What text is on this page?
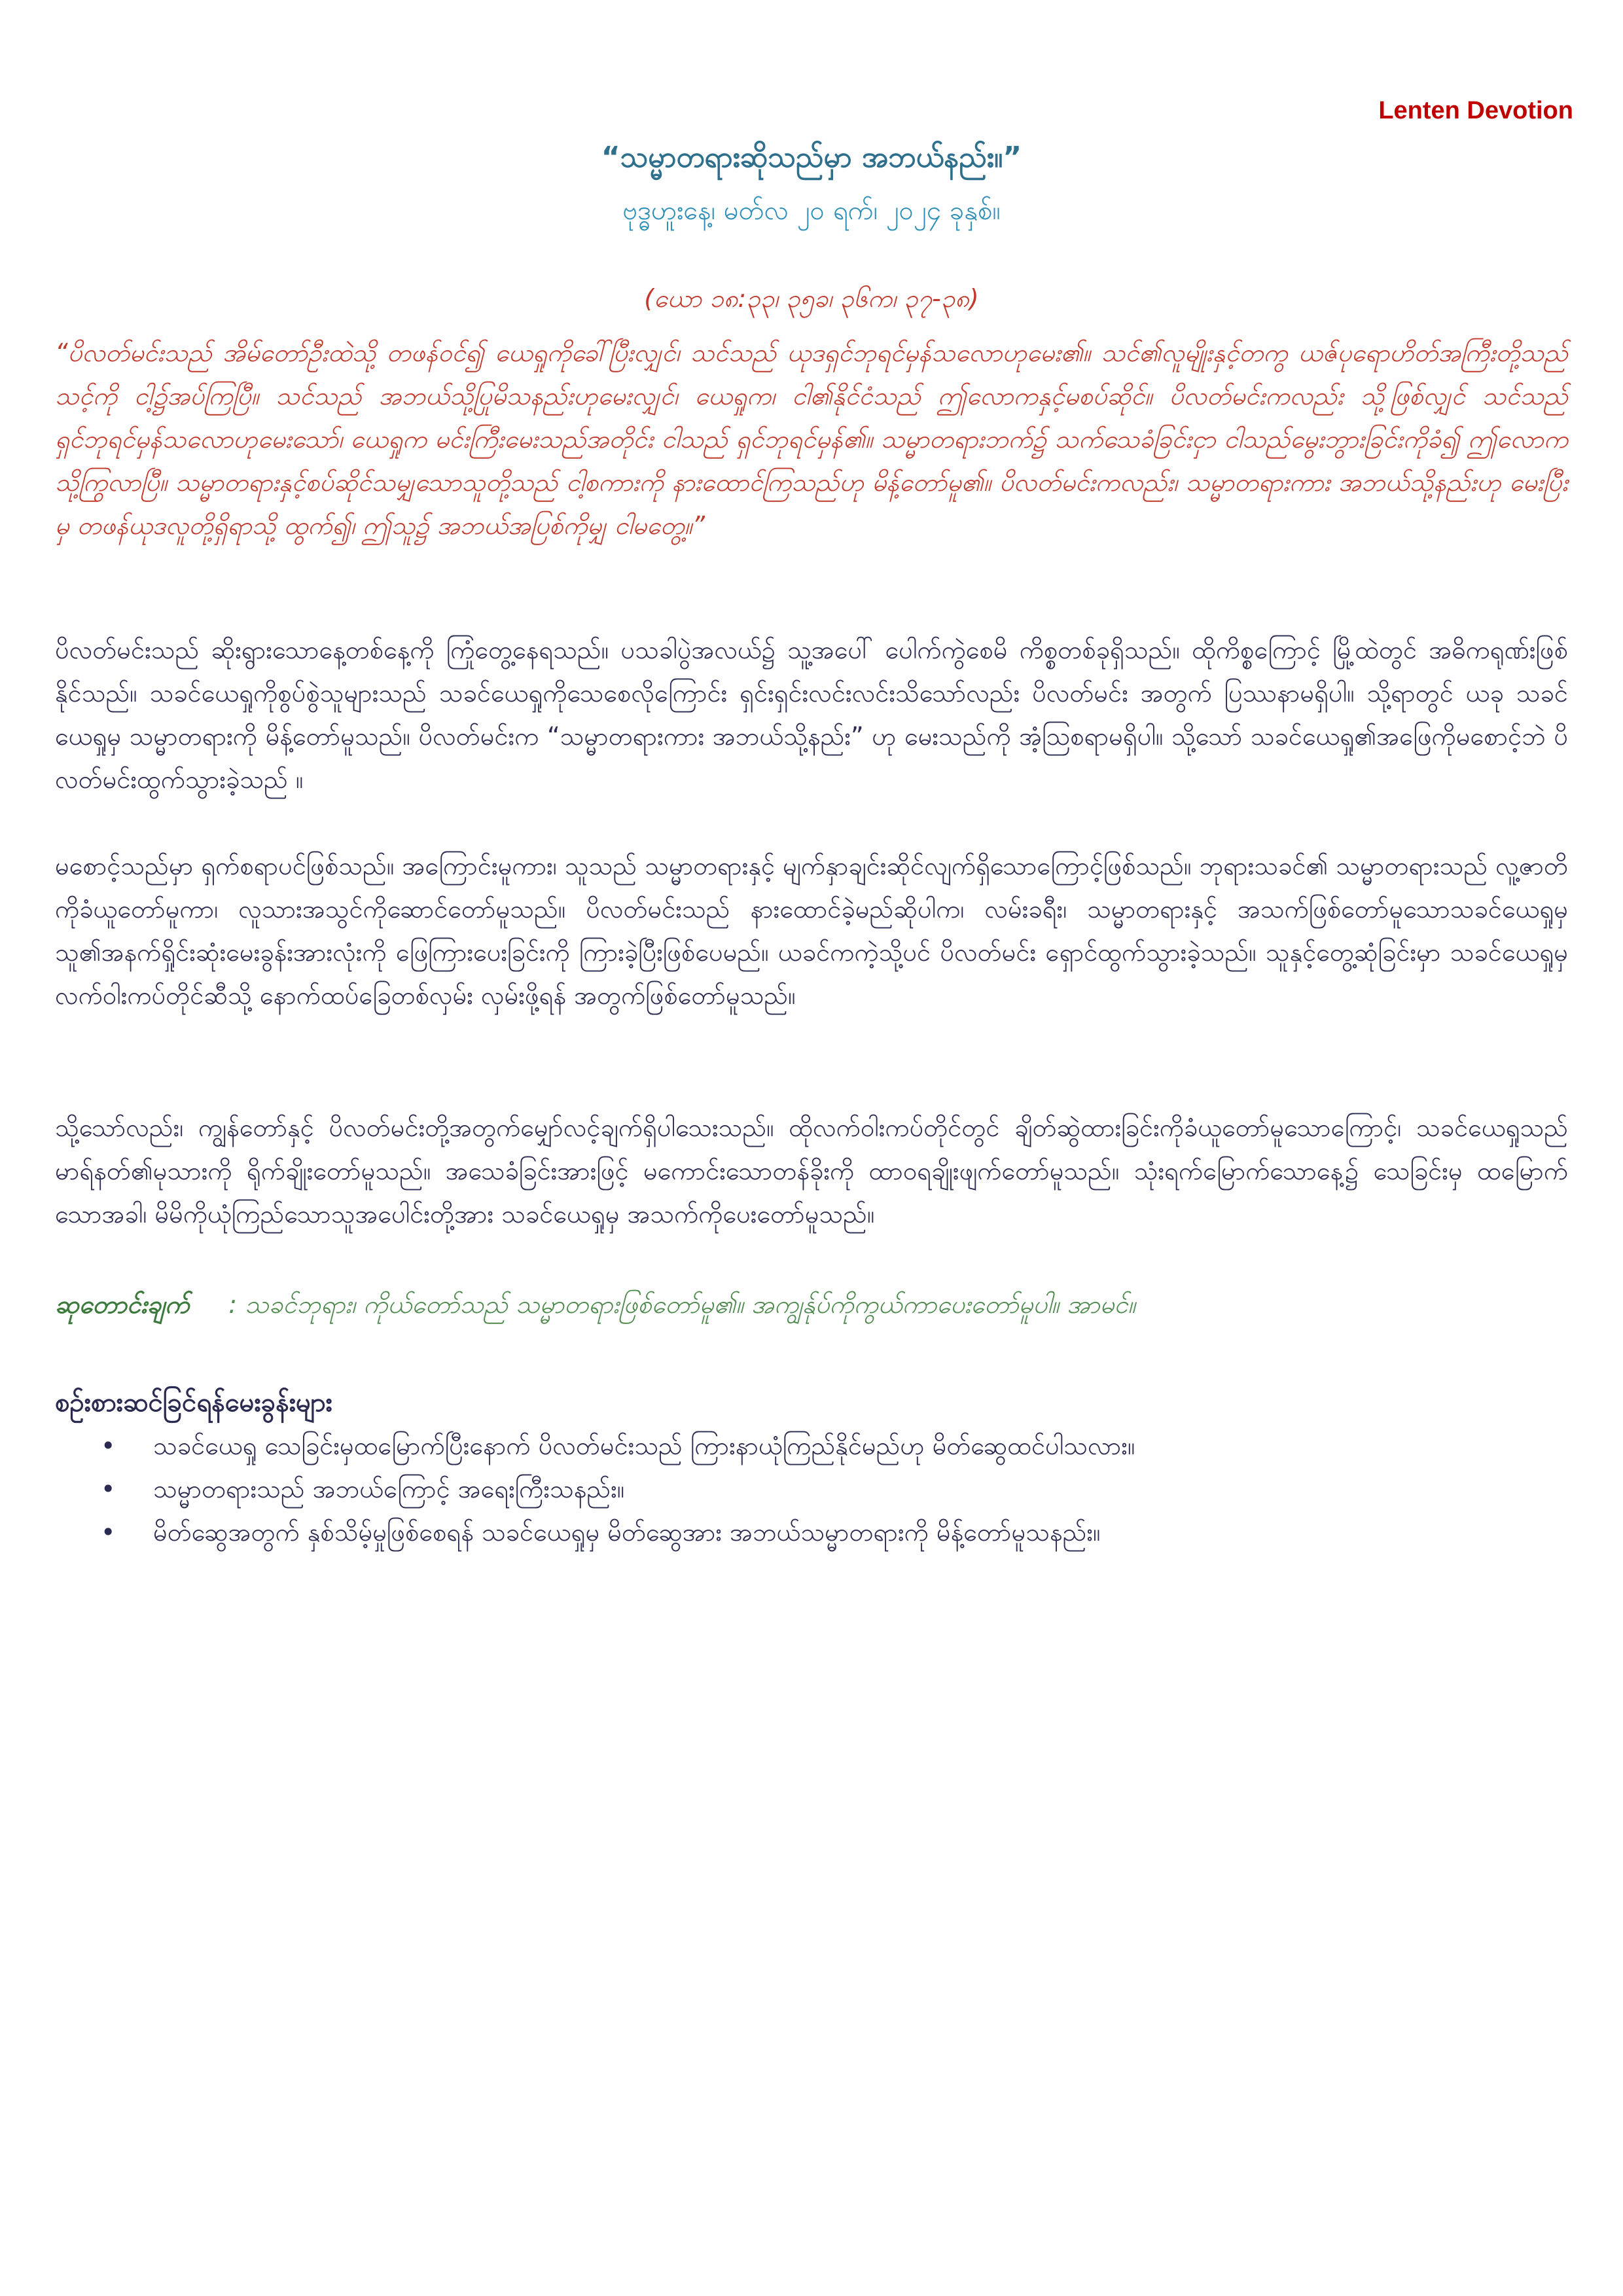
Lenten Devotion
“သမ္မာတရားဆိုသည်မှာ အဘယ်နည်း။”
ဗုဒ္ဓဟူးနေ့၊ မတ်လ ၂၀ ရက်၊ ၂၀၂၄ ခုနှစ်။
(ယော ၁၈:၃၃၊ ၃၅ခ၊ ၃၆က၊ ၃၇-၃၈)
“ပိလတ်မင်းသည် အိမ်တော်ဦးထဲသို့ တဖန်ဝင်၍ ယေရှုကိုခေါ်ပြီးလျှင်၊ သင်သည် ယုဒရှင်ဘုရင်မှန်သလောဟုမေး၏။ သင်၏လူမျိုးနှင့်တကွ ယဇ်ပုရောဟိတ်အကြီးတို့သည် သင့်ကို ငါ့၌အပ်ကြပြီ။ သင်သည် အဘယ်သို့ပြုမိသနည်းဟုမေးလျှင်၊ ယေရှုက၊ ငါ၏နိုင်ငံသည် ဤလောကနှင့်မစပ်ဆိုင်။ ပိလတ်မင်းကလည်း သို့ဖြစ်လျှင် သင်သည် ရှင်ဘုရင်မှန်သလောဟုမေးသော်၊ ယေရှုက မင်းကြီးမေးသည်အတိုင်း ငါသည် ရှင်ဘုရင်မှန်၏။ သမ္မာတရားဘက်၌ သက်သေခံခြင်းငှာ ငါသည်မွေးဘွားခြင်းကိုခံ၍ ဤလောကသို့ကြွလာပြီ။ သမ္မာတရားနှင့်စပ်ဆိုင်သမျှသောသူတို့သည် ငါ့စကားကို နားထောင်ကြသည်ဟု မိန့်တော်မူ၏။ ပိလတ်မင်းကလည်း၊ သမ္မာတရားကား အဘယ်သို့နည်းဟု မေးပြီးမှ တဖန်ယုဒလူတို့ရှိရာသို့ ထွက်၍၊ ဤသူ၌ အဘယ်အပြစ်ကိုမျှ ငါမတွေ့။”
ပိလတ်မင်းသည် ဆိုးရွားသောနေ့တစ်နေ့ကို ကြုံတွေ့နေရသည်။ ပသခါပွဲအလယ်၌ သူ့အပေါ် ပေါက်ကွဲစေမိ ကိစ္စတစ်ခုရှိသည်။ ထိုကိစ္စကြောင့် မြို့ထဲတွင် အဓိကရုဏ်းဖြစ်နိုင်သည်။ သခင်ယေရှုကိုစွပ်စွဲသူများသည် သခင်ယေရှုကိုသေစေလိုကြောင်း ရှင်းရှင်းလင်းလင်းသိသော်လည်း ပိလတ်မင်း အတွက် ပြဿနာမရှိပါ။ သို့ရာတွင် ယခု သခင်ယေရှုမှ သမ္မာတရားကို မိန့်တော်မူသည်။ ပိလတ်မင်းက “သမ္မာတရားကား အဘယ်သို့နည်း” ဟု မေးသည်ကို အံ့သြစရာမရှိပါ။ သို့သော် သခင်ယေရှု၏အဖြေကိုမစောင့်ဘဲ ပိလတ်မင်းထွက်သွားခဲ့သည် ။
မစောင့်သည်မှာ ရှက်စရာပင်ဖြစ်သည်။ အကြောင်းမူကား၊ သူသည် သမ္မာတရားနှင့် မျက်နှာချင်းဆိုင်လျက်ရှိသောကြောင့်ဖြစ်သည်။ ဘုရားသခင်၏ သမ္မာတရားသည် လူ့ဇာတိကိုခံယူတော်မူကာ၊ လူသားအသွင်ကိုဆောင်တော်မူသည်။ ပိလတ်မင်းသည် နားထောင်ခဲ့မည်ဆိုပါက၊ လမ်းခရီး၊ သမ္မာတရားနှင့် အသက်ဖြစ်တော်မူသောသခင်ယေရှုမှ သူ၏အနက်ရှိုင်းဆုံးမေးခွန်းအားလုံးကို ဖြေကြားပေးခြင်းကို ကြားခဲ့ပြီးဖြစ်ပေမည်။ ယခင်ကကဲ့သို့ပင် ပိလတ်မင်း ရှောင်ထွက်သွားခဲ့သည်။ သူနှင့်တွေ့ဆုံခြင်းမှာ သခင်ယေရှုမှ လက်ဝါးကပ်တိုင်ဆီသို့ နောက်ထပ်ခြေတစ်လှမ်း လှမ်းဖို့ရန် အတွက်ဖြစ်တော်မူသည်။
သို့သော်လည်း၊ ကျွန်တော်နှင့် ပိလတ်မင်းတို့အတွက်မျှော်လင့်ချက်ရှိပါသေးသည်။ ထိုလက်ဝါးကပ်တိုင်တွင် ချိတ်ဆွဲထားခြင်းကိုခံယူတော်မူသောကြောင့်၊ သခင်ယေရှုသည် မာရ်နတ်၏မုသားကို ရိုက်ချိုးတော်မူသည်။ အသေခံခြင်းအားဖြင့် မကောင်းသောတန်ခိုးကို ထာဝရချိုးဖျက်တော်မူသည်။ သုံးရက်မြောက်သောနေ့၌ သေခြင်းမှ ထမြောက်သောအခါ၊ မိမိကိုယုံကြည်သောသူအပေါင်းတို့အား သခင်ယေရှုမှ အသက်ကိုပေးတော်မူသည်။
ဆုတောင်းချက် : သခင်ဘုရား၊ ကိုယ်တော်သည် သမ္မာတရားဖြစ်တော်မူ၏။ အကျွန်ုပ်ကိုကွယ်ကာပေးတော်မူပါ။ အာမင်။
စဉ်းစားဆင်ခြင်ရန်မေးခွန်းများ
• သခင်ယေရှု သေခြင်းမှထမြောက်ပြီးနောက် ပိလတ်မင်းသည် ကြားနာယုံကြည်နိုင်မည်ဟု မိတ်ဆွေထင်ပါသလား။
• သမ္မာတရားသည် အဘယ်ကြောင့် အရေးကြီးသနည်း။
• မိတ်ဆွေအတွက် နှစ်သိမ့်မှုဖြစ်စေရန် သခင်ယေရှုမှ မိတ်ဆွေအား အဘယ်သမ္မာတရားကို မိန့်တော်မူသနည်း။
